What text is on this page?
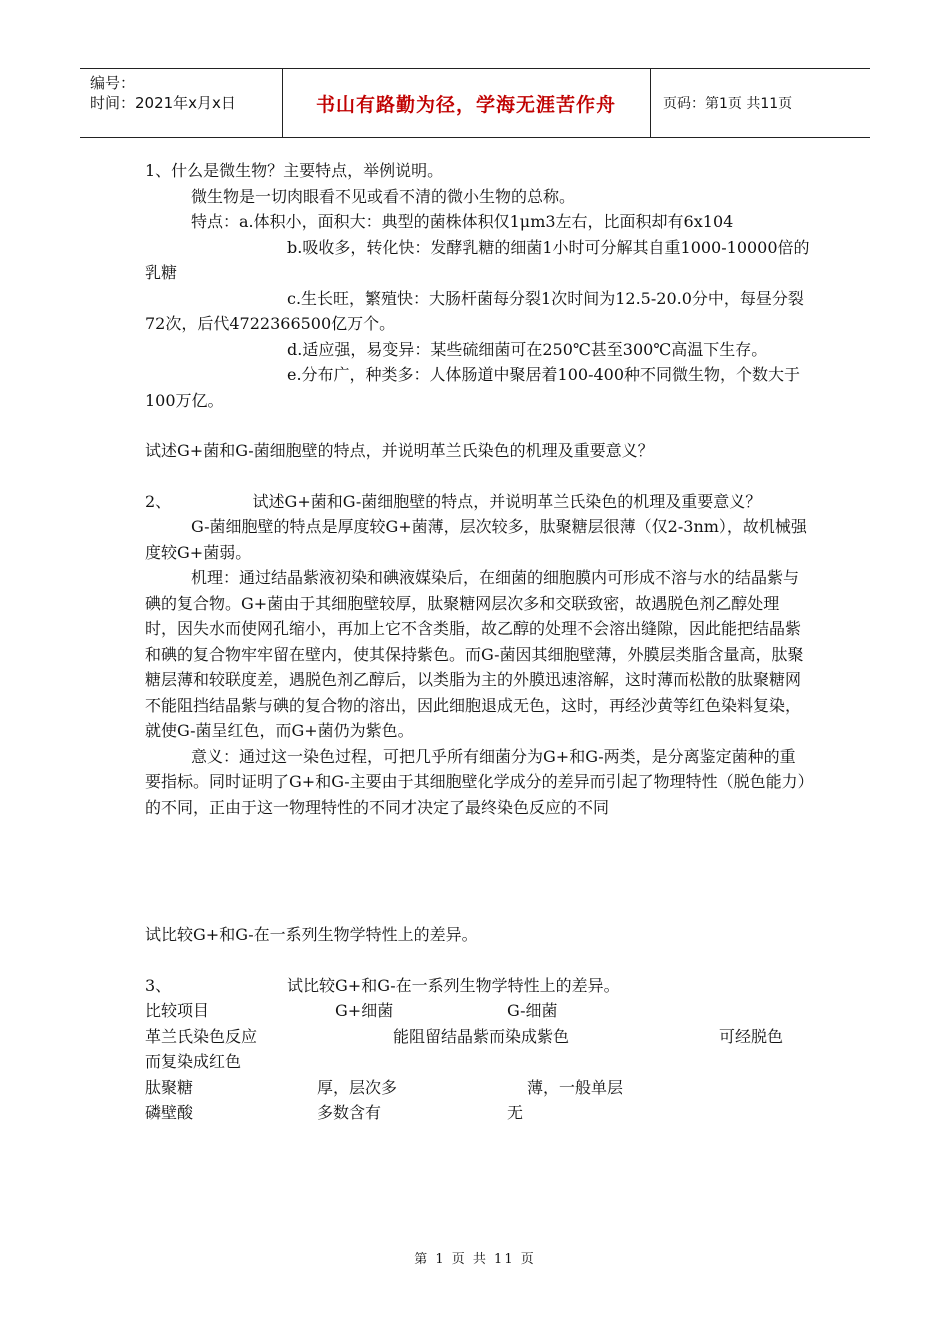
编号：
时间：2021年x月x日	书山有路勤为径，学海无涯苦作舟	页码：第1页 共11页

1、什么是微生物？主要特点，举例说明。

微生物是一切肉眼看不见或看不清的微小生物的总称。

特点：a.体积小，面积大：典型的菌株体积仅1μm3左右，比面积却有6x104

b.吸收多，转化快：发酵乳糖的细菌1小时可分解其自重1000-10000倍的乳糖

c.生长旺，繁殖快：大肠杆菌每分裂1次时间为12.5-20.0分中，每昼分裂72次，后代4722366500亿万个。

d.适应强，易变异：某些硫细菌可在250℃甚至300℃高温下生存。

e.分布广，种类多：人体肠道中聚居着100-400种不同微生物，个数大于100万亿。

试述G+菌和G-菌细胞壁的特点，并说明革兰氏染色的机理及重要意义？

2、                试述G+菌和G-菌细胞壁的特点，并说明革兰氏染色的机理及重要意义？

G-菌细胞壁的特点是厚度较G+菌薄，层次较多，肽聚糖层很薄（仅2-3nm），故机械强度较G+菌弱。

机理：通过结晶紫液初染和碘液媒染后，在细菌的细胞膜内可形成不溶与水的结晶紫与碘的复合物。G+菌由于其细胞壁较厚，肽聚糖网层次多和交联致密，故遇脱色剂乙醇处理时，因失水而使网孔缩小，再加上它不含类脂，故乙醇的处理不会溶出缝隙，因此能把结晶紫和碘的复合物牢牢留在壁内，使其保持紫色。而G-菌因其细胞壁薄，外膜层类脂含量高，肽聚糖层薄和较联度差，遇脱色剂乙醇后，以类脂为主的外膜迅速溶解，这时薄而松散的肽聚糖网不能阻挡结晶紫与碘的复合物的溶出，因此细胞退成无色，这时，再经沙黄等红色染料复染，就使G-菌呈红色，而G+菌仍为紫色。

意义：通过这一染色过程，可把几乎所有细菌分为G+和G-两类，是分离鉴定菌种的重要指标。同时证明了G+和G-主要由于其细胞壁化学成分的差异而引起了物理特性（脱色能力）的不同，正由于这一物理特性的不同才决定了最终染色反应的不同

试比较G+和G-在一系列生物学特性上的差异。

3、	试比较G+和G-在一系列生物学特性上的差异。
比较项目	G+细菌	G-细菌
革兰氏染色反应	能阻留结晶紫而染成紫色	可经脱色
而复染成红色
肽聚糖	厚，层次多	薄，一般单层
磷壁酸	多数含有	无
第 1 页 共 11 页
